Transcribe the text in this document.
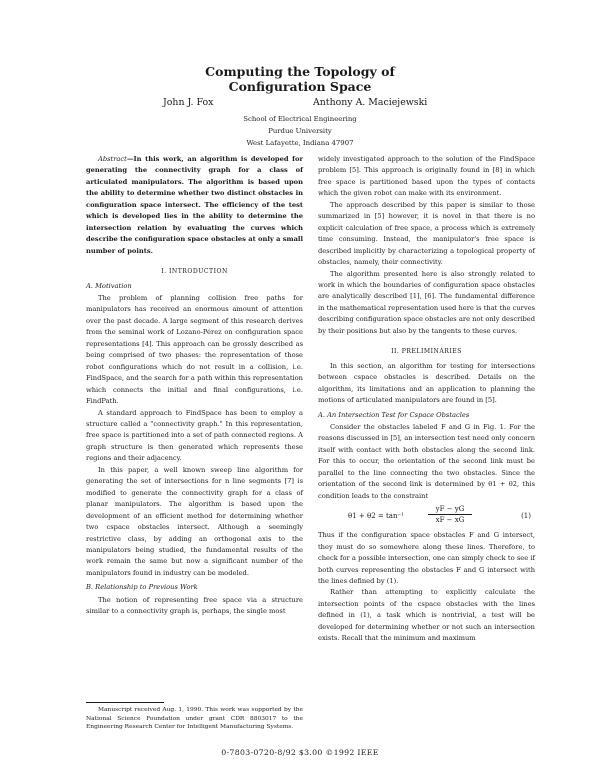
Computing the Topology of
Configuration Space
John J. Fox	Anthony A. Maciejewski
School of Electrical Engineering
Purdue University
West Lafayette, Indiana 47907

Abstract—In this work, an algorithm is developed for generating the connectivity graph for a class of articulated manipulators. The algorithm is based upon the ability to determine whether two distinct obstacles in configuration space intersect. The efficiency of the test which is developed lies in the ability to determine the intersection relation by evaluating the curves which describe the configuration space obstacles at only a small number of points.

I. INTRODUCTION
A. Motivation

The problem of planning collision free paths for manipulators has received an enormous amount of attention over the past decade. A large segment of this research derives from the seminal work of Lozano-Pérez on configuration space representations [4]. This approach can be grossly described as being comprised of two phases: the representation of those robot configurations which do not result in a collision, i.e. FindSpace, and the search for a path within this representation which connects the initial and final configurations, i.e. FindPath.

A standard approach to FindSpace has been to employ a structure called a "connectivity graph." In this representation, free space is partitioned into a set of path connected regions. A graph structure is then generated which represents these regions and their adjacency.

In this paper, a well known sweep line algorithm for generating the set of intersections for n line segments [7] is modified to generate the connectivity graph for a class of planar manipulators. The algorithm is based upon the development of an efficient method for determining whether two cspace obstacles intersect. Although a seemingly restrictive class, by adding an orthogonal axis to the manipulators being studied, the fundamental results of the work remain the same but now a significant number of the manipulators found in industry can be modeled.

B. Relationship to Previous Work

The notion of representing free space via a structure similar to a connectivity graph is, perhaps, the single most

Manuscript received Aug. 1, 1990. This work was supported by the National Science Foundation under grant CDR 8803017 to the Engineering Research Center for Intelligent Manufacturing Systems.

widely investigated approach to the solution of the FindSpace problem [5]. This approach is originally found in [8] in which free space is partitioned based upon the types of contacts which the given robot can make with its environment.

The approach described by this paper is similar to those summarized in [5] however, it is novel in that there is no explicit calculation of free space, a process which is extremely time consuming. Instead, the manipulator's free space is described implicitly by characterizing a topological property of obstacles, namely, their connectivity.

The algorithm presented here is also strongly related to work in which the boundaries of configuration space obstacles are analytically described [1], [6]. The fundamental difference in the mathematical representation used here is that the curves describing configuration space obstacles are not only described by their positions but also by the tangents to these curves.

II. PRELIMINARIES

In this section, an algorithm for testing for intersections between cspace obstacles is described. Details on the algorithm, its limitations and an application to planning the motions of articulated manipulators are found in [5].

A. An Intersection Test for Cspace Obstacles

Consider the obstacles labeled F and G in Fig. 1. For the reasons discussed in [5], an intersection test need only concern itself with contact with both obstacles along the second link. For this to occur, the orientation of the second link must be parallel to the line connecting the two obstacles. Since the orientation of the second link is determined by θ1 + θ2, this condition leads to the constraint

θ1 + θ2 = tan⁻¹	$\frac{yF - yG}{xF - xG}$	(1)

Thus if the configuration space obstacles F and G intersect, they must do so somewhere along these lines. Therefore, to check for a possible intersection, one can simply check to see if both curves representing the obstacles F and G intersect with the lines defined by (1).

Rather than attempting to explicitly calculate the intersection points of the cspace obstacles with the lines defined in (1), a task which is nontrivial, a test will be developed for determining whether or not such an intersection exists. Recall that the minimum and maximum

0-7803-0720-8/92 $3.00 ©1992 IEEE
